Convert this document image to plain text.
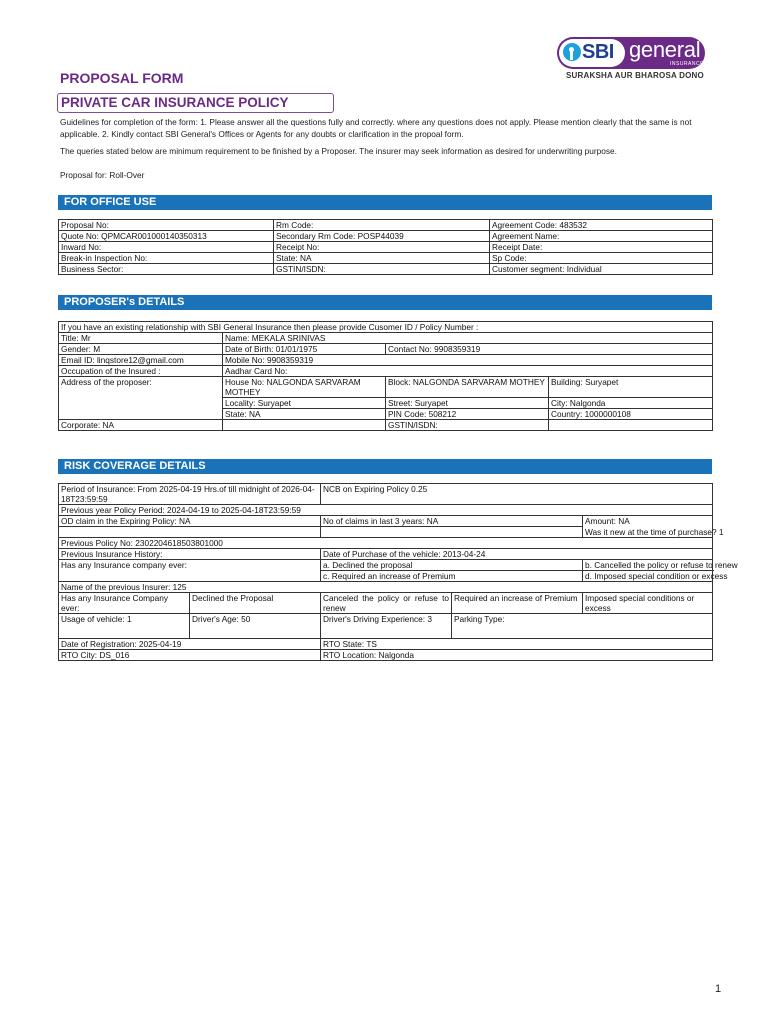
SBI general
INSURANCE
SURAKSHA AUR BHAROSA DONO
PROPOSAL FORM
PRIVATE CAR INSURANCE POLICY
Guidelines for completion of the form: 1. Please answer all the questions fully and correctly. where any questions does not apply. Please mention clearly that the same is not applicable. 2. Kindly contact SBI General's Offices or Agents for any doubts or clarification in the propoal form.
The queries stated below are minimum requirement to be finished by a Proposer. The insurer may seek information as desired for underwriting purpose.
Proposal for: Roll-Over
FOR OFFICE USE
Proposal No:	Rm Code:	Agreement Code: 483532
Quote No: QPMCAR001000140350313	Secondary Rm Code: POSP44039	Agreement Name:
Inward No:	Receipt No:	Receipt Date:
Break-in Inspection No:	State: NA	Sp Code:
Business Sector:	GSTIN/ISDN:	Customer segment: Individual
PROPOSER's DETAILS
If you have an existing relationship with SBI General Insurance then please provide Cusomer ID / Policy Number :			
Title: Mr	Name: MEKALA SRINIVAS		
Gender: M	Date of Birth: 01/01/1975	Contact No: 9908359319	
Email ID: linqstore12@gmail.com	Mobile No: 9908359319		
Occupation of the Insured :	Aadhar Card No:		
Address of the proposer:	House No: NALGONDA SARVARAM MOTHEY	Block: NALGONDA SARVARAM MOTHEY	Building: Suryapet
	Locality: Suryapet	Street: Suryapet	City: Nalgonda
	State: NA	PIN Code: 508212	Country: 1000000108
Corporate: NA		GSTIN/ISDN:	
RISK COVERAGE DETAILS
Period of Insurance: From 2025-04-19 Hrs.of till midnight of 2026-04-18T23:59:59		NCB on Expiring Policy 0.25		
Previous year Policy Period: 2024-04-19 to 2025-04-18T23:59:59				
OD claim in the Expiring Policy: NA		No of claims in last 3 years: NA		Amount: NA
				Was it new at the time of purchase? 1
Previous Policy No: 2302204618503801000				
Previous Insurance History:		Date of Purchase of the vehicle: 2013-04-24		
Has any Insurance company ever:		a. Declined the proposal		b. Cancelled the policy or refuse to renew
		c. Required an increase of Premium		d. Imposed special condition or excess
Name of the previous Insurer: 125				
Has any Insurance Company ever:	Declined the Proposal	Canceled the policy or refuse to renew	Required an increase of Premium	Imposed special conditions or excess
Usage of vehicle: 1	Driver's Age: 50	Driver's Driving Experience: 3	Parking Type:	
Date of Registration: 2025-04-19		RTO State: TS		
RTO City: DS_016		RTO Location: Nalgonda		
1
